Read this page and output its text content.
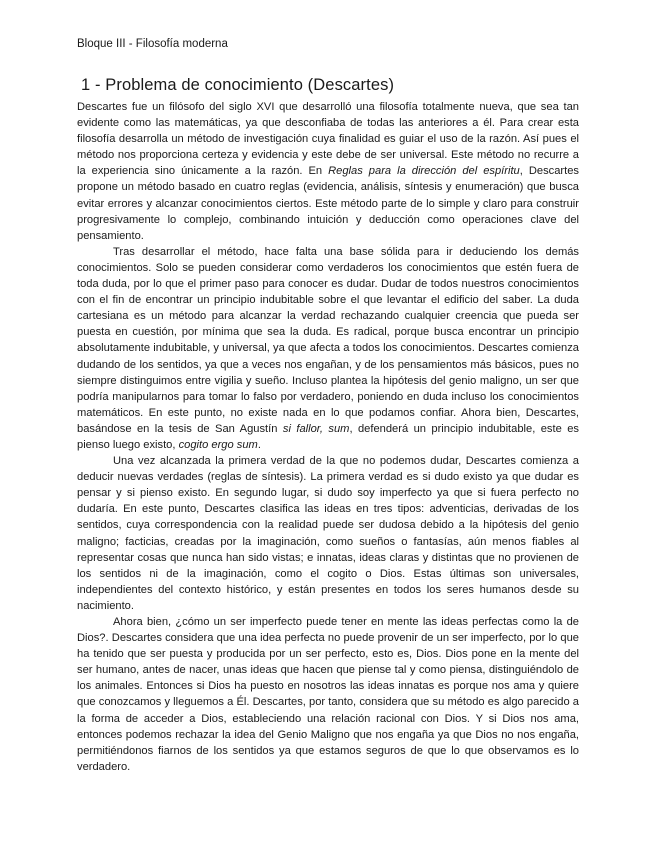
Bloque III - Filosofía moderna
1 - Problema de conocimiento (Descartes)

Descartes fue un filósofo del siglo XVI que desarrolló una filosofía totalmente nueva, que sea tan evidente como las matemáticas, ya que desconfiaba de todas las anteriores a él. Para crear esta filosofía desarrolla un método de investigación cuya finalidad es guiar el uso de la razón. Así pues el método nos proporciona certeza y evidencia y este debe de ser universal. Este método no recurre a la experiencia sino únicamente a la razón. En Reglas para la dirección del espíritu, Descartes propone un método basado en cuatro reglas (evidencia, análisis, síntesis y enumeración) que busca evitar errores y alcanzar conocimientos ciertos. Este método parte de lo simple y claro para construir progresivamente lo complejo, combinando intuición y deducción como operaciones clave del pensamiento.

Tras desarrollar el método, hace falta una base sólida para ir deduciendo los demás conocimientos. Solo se pueden considerar como verdaderos los conocimientos que estén fuera de toda duda, por lo que el primer paso para conocer es dudar. Dudar de todos nuestros conocimientos con el fin de encontrar un principio indubitable sobre el que levantar el edificio del saber. La duda cartesiana es un método para alcanzar la verdad rechazando cualquier creencia que pueda ser puesta en cuestión, por mínima que sea la duda. Es radical, porque busca encontrar un principio absolutamente indubitable, y universal, ya que afecta a todos los conocimientos. Descartes comienza dudando de los sentidos, ya que a veces nos engañan, y de los pensamientos más básicos, pues no siempre distinguimos entre vigilia y sueño. Incluso plantea la hipótesis del genio maligno, un ser que podría manipularnos para tomar lo falso por verdadero, poniendo en duda incluso los conocimientos matemáticos. En este punto, no existe nada en lo que podamos confiar. Ahora bien, Descartes, basándose en la tesis de San Agustín si fallor, sum, defenderá un principio indubitable, este es pienso luego existo, cogito ergo sum.

Una vez alcanzada la primera verdad de la que no podemos dudar, Descartes comienza a deducir nuevas verdades (reglas de síntesis). La primera verdad es si dudo existo ya que dudar es pensar y si pienso existo. En segundo lugar, si dudo soy imperfecto ya que si fuera perfecto no dudaría. En este punto, Descartes clasifica las ideas en tres tipos: adventicias, derivadas de los sentidos, cuya correspondencia con la realidad puede ser dudosa debido a la hipótesis del genio maligno; facticias, creadas por la imaginación, como sueños o fantasías, aún menos fiables al representar cosas que nunca han sido vistas; e innatas, ideas claras y distintas que no provienen de los sentidos ni de la imaginación, como el cogito o Dios. Estas últimas son universales, independientes del contexto histórico, y están presentes en todos los seres humanos desde su nacimiento.

Ahora bien, ¿cómo un ser imperfecto puede tener en mente las ideas perfectas como la de Dios?. Descartes considera que una idea perfecta no puede provenir de un ser imperfecto, por lo que ha tenido que ser puesta y producida por un ser perfecto, esto es, Dios. Dios pone en la mente del ser humano, antes de nacer, unas ideas que hacen que piense tal y como piensa, distinguiéndolo de los animales. Entonces si Dios ha puesto en nosotros las ideas innatas es porque nos ama y quiere que conozcamos y lleguemos a Él. Descartes, por tanto, considera que su método es algo parecido a la forma de acceder a Dios, estableciendo una relación racional con Dios. Y si Dios nos ama, entonces podemos rechazar la idea del Genio Maligno que nos engaña ya que Dios no nos engaña, permitiéndonos fiarnos de los sentidos ya que estamos seguros de que lo que observamos es lo verdadero.
